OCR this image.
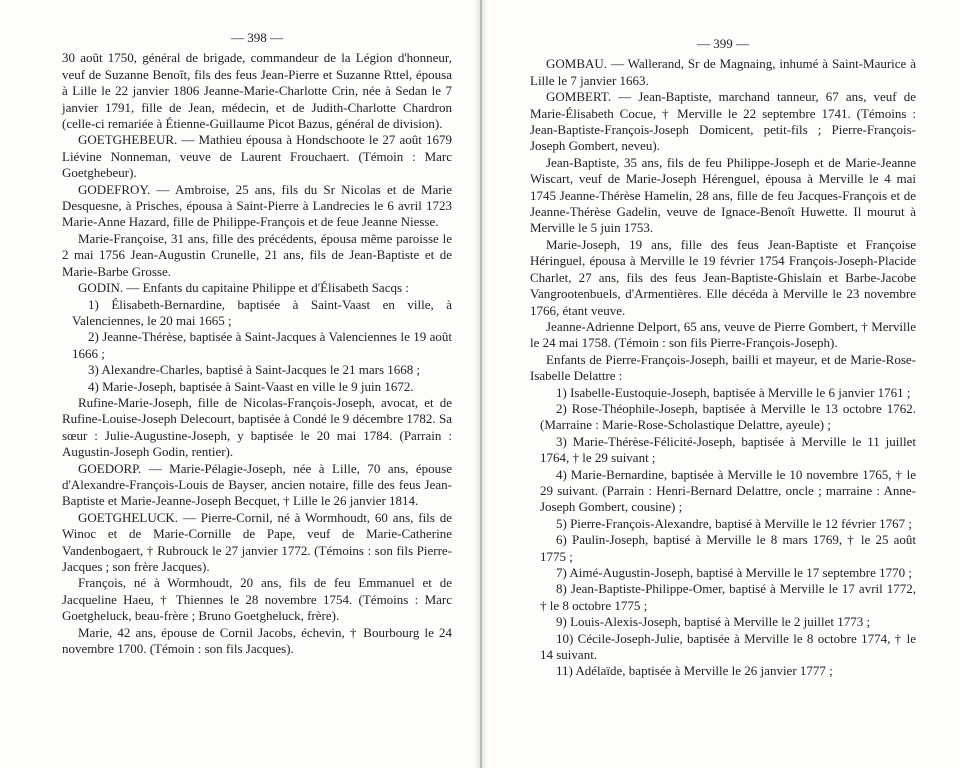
— 398 —

30 août 1750, général de brigade, commandeur de la Légion d'honneur, veuf de Suzanne Benoît, fils des feus Jean-Pierre et Suzanne Rttel, épousa à Lille le 22 janvier 1806 Jeanne-Marie-Charlotte Crin, née à Sedan le 7 janvier 1791, fille de Jean, médecin, et de Judith-Charlotte Chardron (celle-ci remariée à Étienne-Guillaume Picot Bazus, général de division).

GOETGHEBEUR. — Mathieu épousa à Hondschoote le 27 août 1679 Liévine Nonneman, veuve de Laurent Frouchaert. (Témoin : Marc Goetghebeur).

GODEFROY. — Ambroise, 25 ans, fils du Sr Nicolas et de Marie Desquesne, à Prisches, épousa à Saint-Pierre à Landrecies le 6 avril 1723 Marie-Anne Hazard, fille de Philippe-François et de feue Jeanne Niesse.

Marie-Françoise, 31 ans, fille des précédents, épousa même paroisse le 2 mai 1756 Jean-Augustin Crunelle, 21 ans, fils de Jean-Baptiste et de Marie-Barbe Grosse.

GODIN. — Enfants du capitaine Philippe et d'Élisabeth Sacqs :

1) Élisabeth-Bernardine, baptisée à Saint-Vaast en ville, à Valenciennes, le 20 mai 1665 ;

2) Jeanne-Thérèse, baptisée à Saint-Jacques à Valenciennes le 19 août 1666 ;

3) Alexandre-Charles, baptisé à Saint-Jacques le 21 mars 1668 ;

4) Marie-Joseph, baptisée à Saint-Vaast en ville le 9 juin 1672.

Rufine-Marie-Joseph, fille de Nicolas-François-Joseph, avocat, et de Rufine-Louise-Joseph Delecourt, baptisée à Condé le 9 décembre 1782. Sa sœur : Julie-Augustine-Joseph, y baptisée le 20 mai 1784. (Parrain : Augustin-Joseph Godin, rentier).

GOEDORP. — Marie-Pélagie-Joseph, née à Lille, 70 ans, épouse d'Alexandre-François-Louis de Bayser, ancien notaire, fille des feus Jean-Baptiste et Marie-Jeanne-Joseph Becquet, † Lille le 26 janvier 1814.

GOETGHELUCK. — Pierre-Cornil, né à Wormhoudt, 60 ans, fils de Winoc et de Marie-Cornille de Pape, veuf de Marie-Catherine Vandenbogaert, † Rubrouck le 27 janvier 1772. (Témoins : son fils Pierre-Jacques ; son frère Jacques).

François, né à Wormhoudt, 20 ans, fils de feu Emmanuel et de Jacqueline Haeu, † Thiennes le 28 novembre 1754. (Témoins : Marc Goetgheluck, beau-frère ; Bruno Goetgheluck, frère).

Marie, 42 ans, épouse de Cornil Jacobs, échevin, † Bourbourg le 24 novembre 1700. (Témoin : son fils Jacques).

— 399 —

GOMBAU. — Wallerand, Sr de Magnaing, inhumé à Saint-Maurice à Lille le 7 janvier 1663.

GOMBERT. — Jean-Baptiste, marchand tanneur, 67 ans, veuf de Marie-Élisabeth Cocue, † Merville le 22 septembre 1741. (Témoins : Jean-Baptiste-François-Joseph Domicent, petit-fils ; Pierre-François-Joseph Gombert, neveu).

Jean-Baptiste, 35 ans, fils de feu Philippe-Joseph et de Marie-Jeanne Wiscart, veuf de Marie-Joseph Hérenguel, épousa à Merville le 4 mai 1745 Jeanne-Thérèse Hamelin, 28 ans, fille de feu Jacques-François et de Jeanne-Thérèse Gadelin, veuve de Ignace-Benoît Huwette. Il mourut à Merville le 5 juin 1753.

Marie-Joseph, 19 ans, fille des feus Jean-Baptiste et Françoise Héringuel, épousa à Merville le 19 février 1754 François-Joseph-Placide Charlet, 27 ans, fils des feus Jean-Baptiste-Ghislain et Barbe-Jacobe Vangrootenbuels, d'Armentières. Elle décéda à Merville le 23 novembre 1766, étant veuve.

Jeanne-Adrienne Delport, 65 ans, veuve de Pierre Gombert, † Merville le 24 mai 1758. (Témoin : son fils Pierre-François-Joseph).

Enfants de Pierre-François-Joseph, bailli et mayeur, et de Marie-Rose-Isabelle Delattre :

1) Isabelle-Eustoquie-Joseph, baptisée à Merville le 6 janvier 1761 ;

2) Rose-Théophile-Joseph, baptisée à Merville le 13 octobre 1762. (Marraine : Marie-Rose-Scholastique Delattre, ayeule) ;

3) Marie-Thérèse-Félicité-Joseph, baptisée à Merville le 11 juillet 1764, † le 29 suivant ;

4) Marie-Bernardine, baptisée à Merville le 10 novembre 1765, † le 29 suivant. (Parrain : Henri-Bernard Delattre, oncle ; marraine : Anne-Joseph Gombert, cousine) ;

5) Pierre-François-Alexandre, baptisé à Merville le 12 février 1767 ;

6) Paulin-Joseph, baptisé à Merville le 8 mars 1769, † le 25 août 1775 ;

7) Aimé-Augustin-Joseph, baptisé à Merville le 17 septembre 1770 ;

8) Jean-Baptiste-Philippe-Omer, baptisé à Merville le 17 avril 1772, † le 8 octobre 1775 ;

9) Louis-Alexis-Joseph, baptisé à Merville le 2 juillet 1773 ;

10) Cécile-Joseph-Julie, baptisée à Merville le 8 octobre 1774, † le 14 suivant.

11) Adélaïde, baptisée à Merville le 26 janvier 1777 ;
